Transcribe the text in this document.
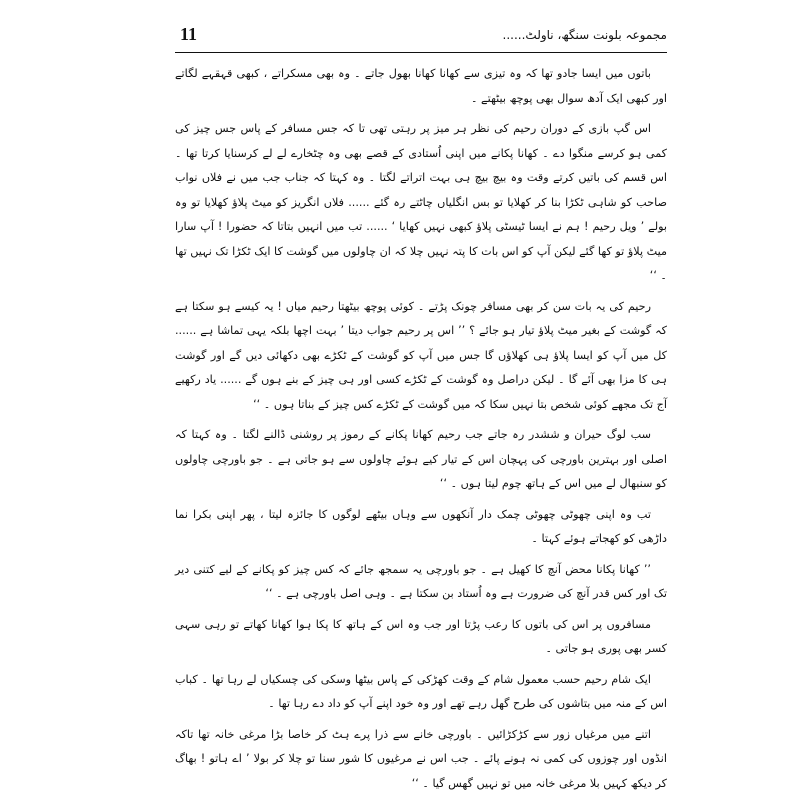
11	مجموعہ بلونت سنگھ، ناولٹ......

باتوں میں ایسا جادو تھا کہ وہ تیزی سے کھانا کھانا بھول جاتے ۔ وہ بھی مسکراتے ، کبھی قہقہے لگاتے اور کبھی ایک آدھ سوال بھی پوچھ بیٹھتے ۔

اس گپ بازی کے دوران رحیم کی نظر ہر میز پر رہتی تھی تا کہ جس مسافر کے پاس جس چیز کی کمی ہو کرسے منگوا دے ۔ کھانا پکانے میں اپنی اُستادی کے قصے بھی وہ چٹخارے لے لے کرسنایا کرتا تھا ۔ اس قسم کی باتیں کرتے وقت وہ بیچ بیچ ہی بہت اتراتے لگتا ۔ وہ کہتا کہ جناب جب میں نے فلاں نواب صاحب کو شاہی ٹکڑا بنا کر کھلایا تو بس انگلیاں چاٹتے رہ گئے ...... فلاں انگریز کو میٹ پلاؤ کھلایا تو وہ بولے ’ ویل رحیم ! ہم نے ایسا ٹیسٹی پلاؤ کبھی نہیں کھایا ‘ ...... تب میں انہیں بتاتا کہ حضورا ! آپ سارا میٹ پلاؤ تو کھا گئے لیکن آپ کو اس بات کا پتہ نہیں چلا کہ ان چاولوں میں گوشت کا ایک ٹکڑا تک نہیں تھا ۔ ‘‘

رحیم کی یہ بات سن کر بھی مسافر چونک پڑتے ۔ کوئی پوچھ بیٹھتا رحیم میاں ! یہ کیسے ہو سکتا ہے کہ گوشت کے بغیر میٹ پلاؤ تیار ہو جائے ؟ ’’ اس پر رحیم جواب دیتا ’ بہت اچھا بلکہ یہی تماشا ہے ...... کل میں آپ کو ایسا پلاؤ ہی کھلاؤں گا جس میں آپ کو گوشت کے ٹکڑے بھی دکھائی دیں گے اور گوشت ہی کا مزا بھی آئے گا ۔ لیکن دراصل وہ گوشت کے ٹکڑے کسی اور ہی چیز کے بنے ہوں گے ...... یاد رکھیے آج تک مجھے کوئی شخص بتا نہیں سکا کہ میں گوشت کے ٹکڑے کس چیز کے بناتا ہوں ۔ ‘‘

سب لوگ حیران و ششدر رہ جاتے جب رحیم کھانا پکانے کے رموز پر روشنی ڈالنے لگتا ۔ وہ کہتا کہ اصلی اور بہترین باورچی کی پہچان اس کے تیار کیے ہوئے چاولوں سے ہو جاتی ہے ۔ جو باورچی چاولوں کو سنبھال لے میں اس کے ہاتھ چوم لیتا ہوں ۔ ‘‘

تب وہ اپنی چھوٹی چھوٹی چمک دار آنکھوں سے وہاں بیٹھے لوگوں کا جائزہ لیتا ، پھر اپنی بکرا نما داڑھی کو کھجاتے ہوئے کہتا ۔

’’ کھانا پکانا محض آنچ کا کھیل ہے ۔ جو باورچی یہ سمجھ جائے کہ کس چیز کو پکانے کے لیے کتنی دیر تک اور کس قدر آنچ کی ضرورت ہے وہ اُستاد بن سکتا ہے ۔ وہی اصل باورچی ہے ۔ ‘‘

مسافروں پر اس کی باتوں کا رعب پڑتا اور جب وہ اس کے ہاتھ کا پکا ہوا کھانا کھاتے تو رہی سہی کسر بھی پوری ہو جاتی ۔

ایک شام رحیم حسب معمول شام کے وقت کھڑکی کے پاس بیٹھا وسکی کی چسکیاں لے رہا تھا ۔ کباب اس کے منہ میں بتاشوں کی طرح گھل رہے تھے اور وہ خود اپنے آپ کو داد دے رہا تھا ۔

اتنے میں مرغیاں زور سے کڑکڑائیں ۔ باورچی خانے سے ذرا پرے ہٹ کر خاصا بڑا مرغی خانہ تھا تاکہ انڈوں اور چوزوں کی کمی نہ ہونے پائے ۔ جب اس نے مرغیوں کا شور سنا تو چلا کر بولا ’ اے ہاتو ! بھاگ کر دیکھ کہیں بلا مرغی خانہ میں تو نہیں گھس گیا ۔ ‘‘
